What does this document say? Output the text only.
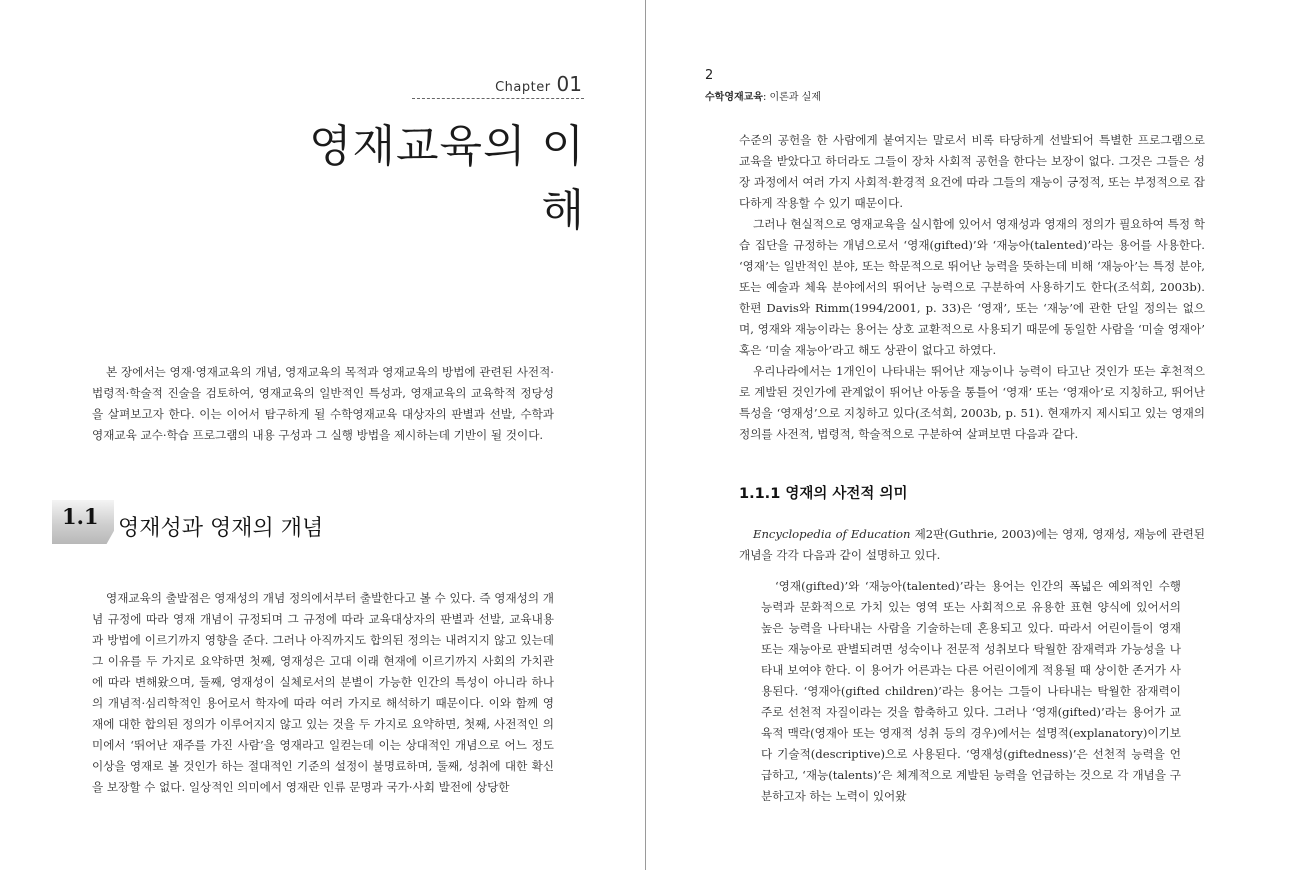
Chapter 01
영재교육의 이해

본 장에서는 영재·영재교육의 개념, 영재교육의 목적과 영재교육의 방법에 관련된 사전적·법령적·학술적 진술을 검토하여, 영재교육의 일반적인 특성과, 영재교육의 교육학적 정당성을 살펴보고자 한다. 이는 이어서 탐구하게 될 수학영재교육 대상자의 판별과 선발, 수학과 영재교육 교수·학습 프로그램의 내용 구성과 그 실행 방법을 제시하는데 기반이 될 것이다.

1.1 영재성과 영재의 개념

영재교육의 출발점은 영재성의 개념 정의에서부터 출발한다고 볼 수 있다. 즉 영재성의 개념 규정에 따라 영재 개념이 규정되며 그 규정에 따라 교육대상자의 판별과 선발, 교육내용과 방법에 이르기까지 영향을 준다. 그러나 아직까지도 합의된 정의는 내려지지 않고 있는데 그 이유를 두 가지로 요약하면 첫째, 영재성은 고대 이래 현재에 이르기까지 사회의 가치관에 따라 변해왔으며, 둘째, 영재성이 실체로서의 분별이 가능한 인간의 특성이 아니라 하나의 개념적·심리학적인 용어로서 학자에 따라 여러 가지로 해석하기 때문이다. 이와 함께 영재에 대한 합의된 정의가 이루어지지 않고 있는 것을 두 가지로 요약하면, 첫째, 사전적인 의미에서 ‘뛰어난 재주를 가진 사람’을 영재라고 일컫는데 이는 상대적인 개념으로 어느 정도 이상을 영재로 볼 것인가 하는 절대적인 기준의 설정이 불명료하며, 둘째, 성취에 대한 확신을 보장할 수 없다. 일상적인 의미에서 영재란 인류 문명과 국가·사회 발전에 상당한

2
수학영재교육: 이론과 실제

수준의 공헌을 한 사람에게 붙여지는 말로서 비록 타당하게 선발되어 특별한 프로그램으로 교육을 받았다고 하더라도 그들이 장차 사회적 공헌을 한다는 보장이 없다. 그것은 그들은 성장 과정에서 여러 가지 사회적·환경적 요건에 따라 그들의 재능이 긍정적, 또는 부정적으로 잡다하게 작용할 수 있기 때문이다.

그러나 현실적으로 영재교육을 실시함에 있어서 영재성과 영재의 정의가 필요하여 특정 학습 집단을 규정하는 개념으로서 ‘영재(gifted)’와 ‘재능아(talented)’라는 용어를 사용한다. ‘영재’는 일반적인 분야, 또는 학문적으로 뛰어난 능력을 뜻하는데 비해 ‘재능아’는 특정 분야, 또는 예술과 체육 분야에서의 뛰어난 능력으로 구분하여 사용하기도 한다(조석희, 2003b). 한편 Davis와 Rimm(1994/2001, p. 33)은 ‘영재’, 또는 ‘재능’에 관한 단일 정의는 없으며, 영재와 재능이라는 용어는 상호 교환적으로 사용되기 때문에 동일한 사람을 ‘미술 영재아’ 혹은 ‘미술 재능아’라고 해도 상관이 없다고 하였다.

우리나라에서는 1개인이 나타내는 뛰어난 재능이나 능력이 타고난 것인가 또는 후천적으로 계발된 것인가에 관계없이 뛰어난 아동을 통틀어 ‘영재’ 또는 ‘영재아’로 지칭하고, 뛰어난 특성을 ‘영재성’으로 지칭하고 있다(조석희, 2003b, p. 51). 현재까지 제시되고 있는 영재의 정의를 사전적, 법령적, 학술적으로 구분하여 살펴보면 다음과 같다.

1.1.1 영재의 사전적 의미

Encyclopedia of Education 제2판(Guthrie, 2003)에는 영재, 영재성, 재능에 관련된 개념을 각각 다음과 같이 설명하고 있다.

‘영재(gifted)’와 ‘재능아(talented)’라는 용어는 인간의 폭넓은 예외적인 수행 능력과 문화적으로 가치 있는 영역 또는 사회적으로 유용한 표현 양식에 있어서의 높은 능력을 나타내는 사람을 기술하는데 혼용되고 있다. 따라서 어린이들이 영재 또는 재능아로 판별되려면 성숙이나 전문적 성취보다 탁월한 잠재력과 가능성을 나타내 보여야 한다. 이 용어가 어른과는 다른 어린이에게 적용될 때 상이한 존거가 사용된다. ‘영재아(gifted children)’라는 용어는 그들이 나타내는 탁월한 잠재력이 주로 선천적 자질이라는 것을 함축하고 있다. 그러나 ‘영재(gifted)’라는 용어가 교육적 맥락(영재아 또는 영재적 성취 등의 경우)에서는 설명적(explanatory)이기보다 기술적(descriptive)으로 사용된다. ‘영재성(giftedness)’은 선천적 능력을 언급하고, ‘재능(talents)’은 체계적으로 계발된 능력을 언급하는 것으로 각 개념을 구분하고자 하는 노력이 있어왔
